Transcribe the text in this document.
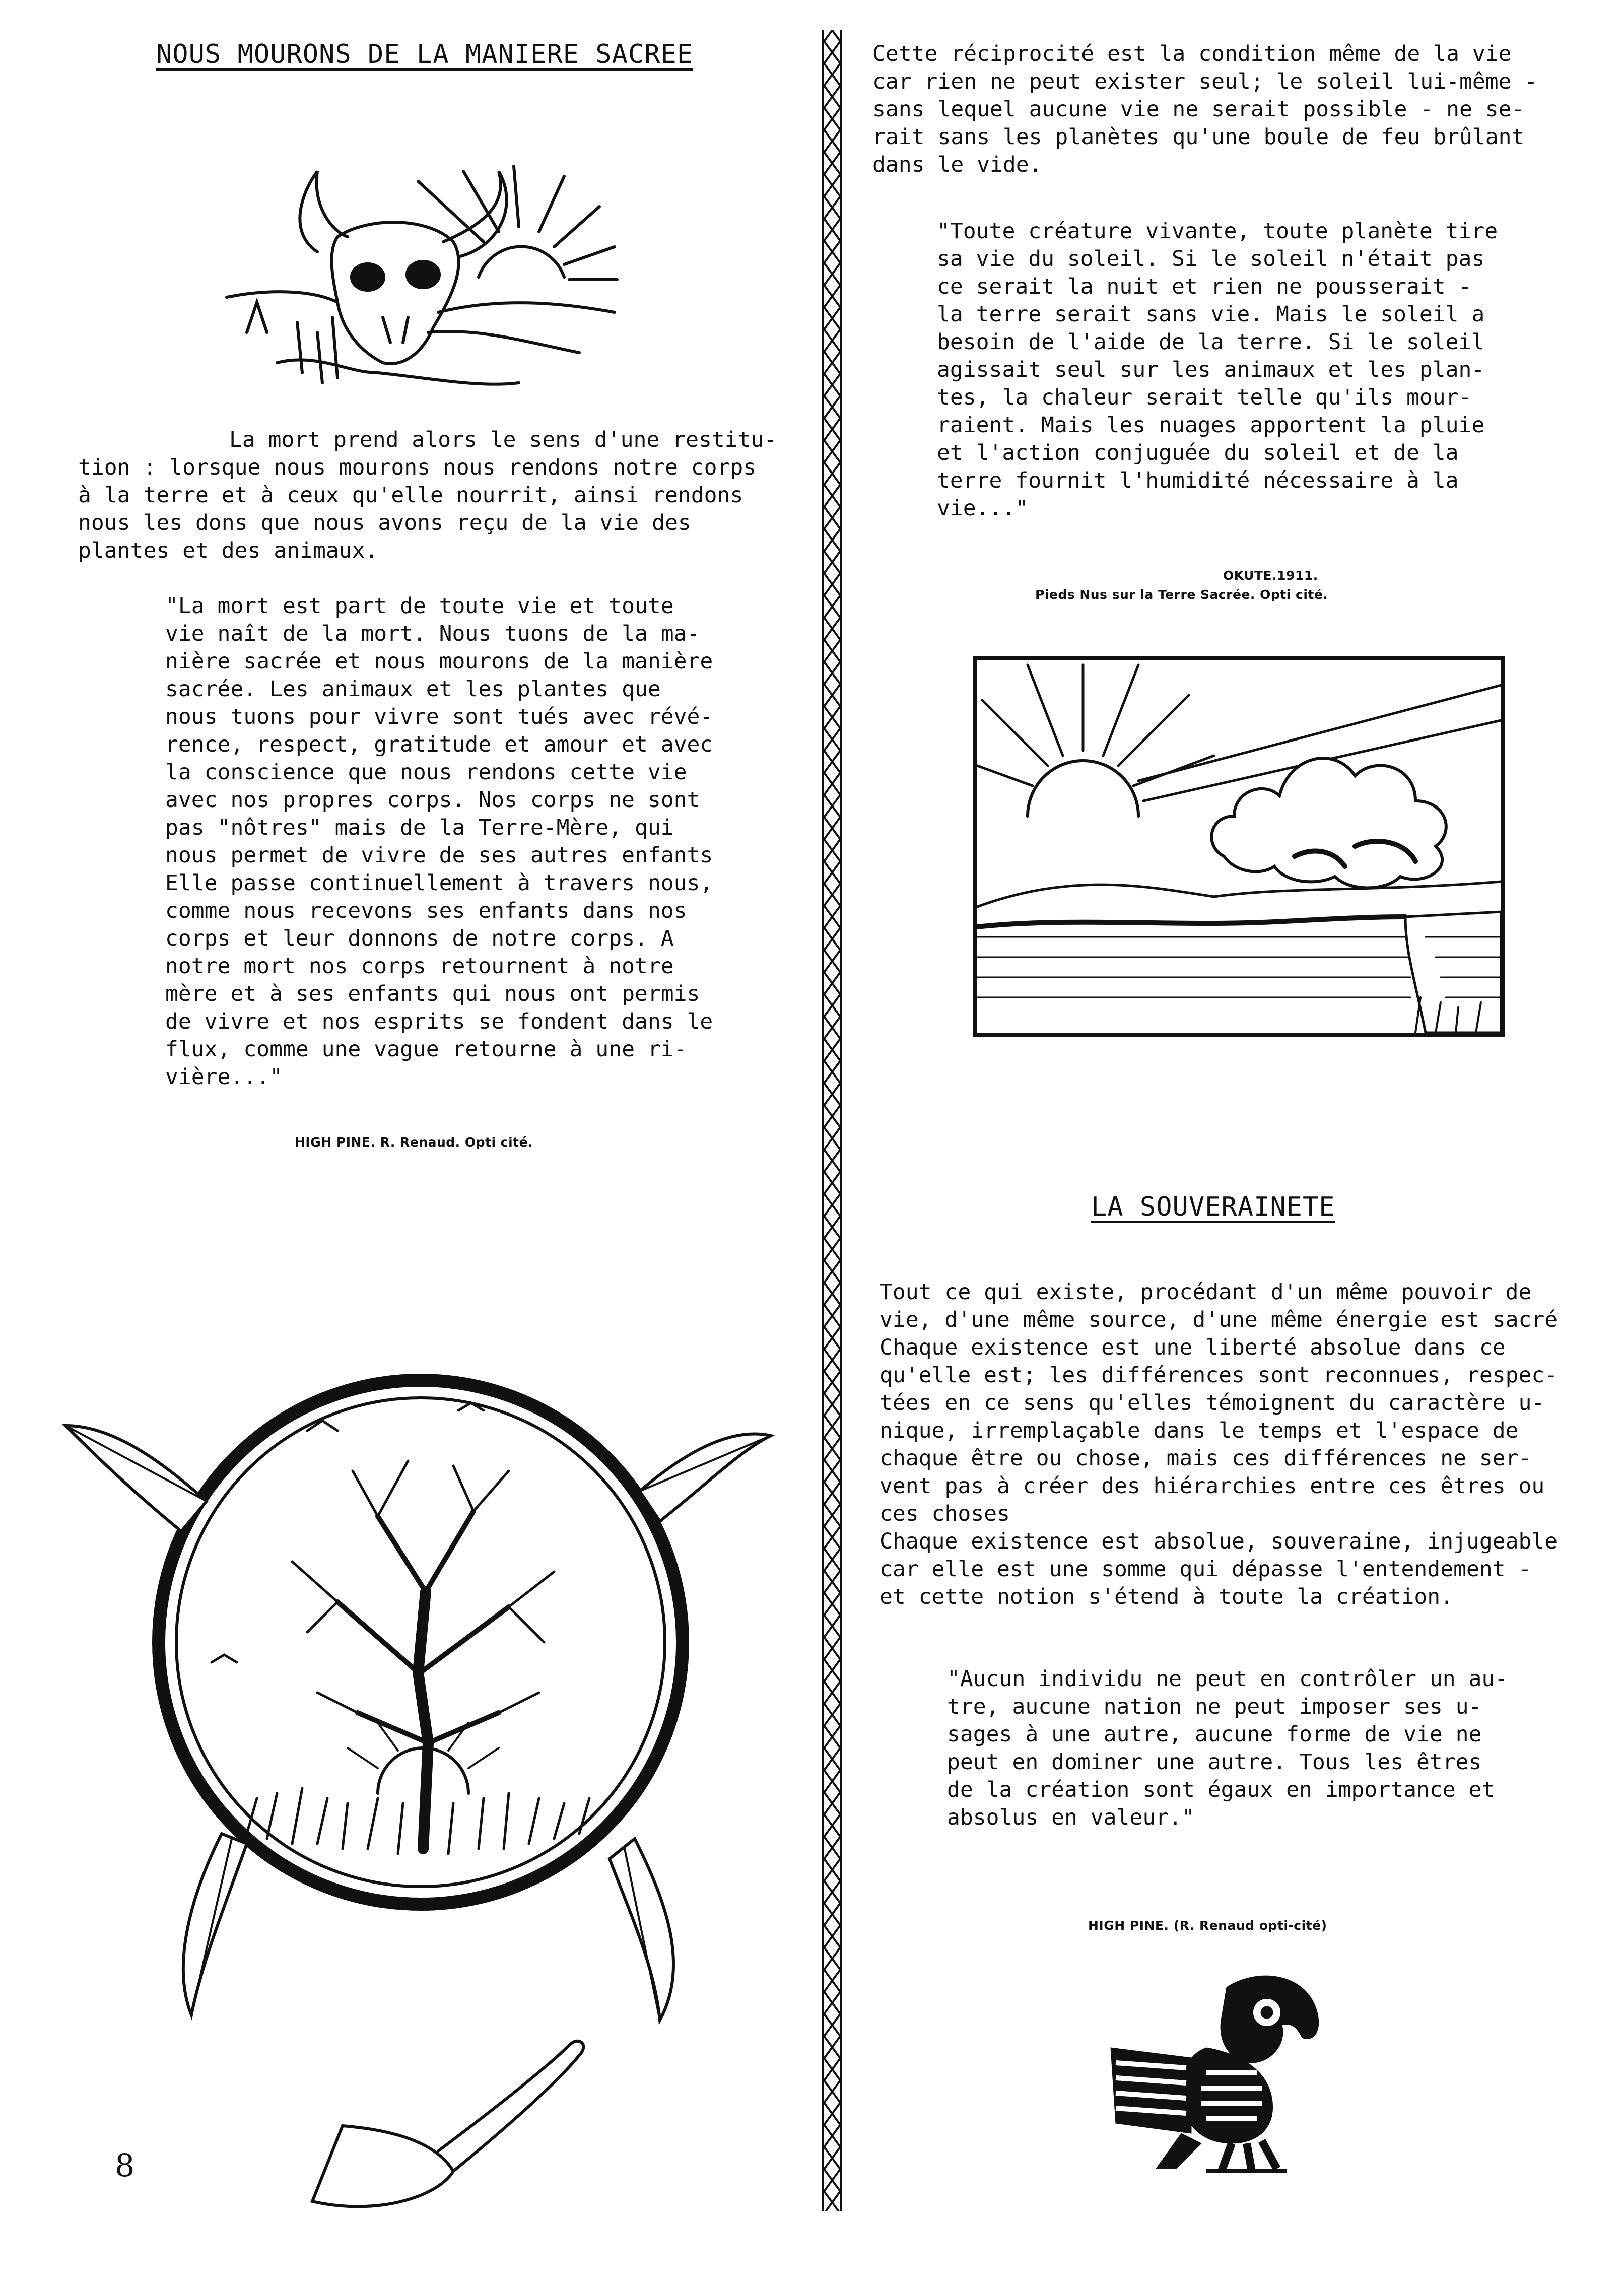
NOUS MOURONS DE LA MANIERE SACREE
La mort prend alors le sens d'une restitu-
tion : lorsque nous mourons nous rendons notre corps
à la terre et à ceux qu'elle nourrit, ainsi rendons
nous les dons que nous avons reçu de la vie des
plantes et des animaux.
"La mort est part de toute vie et toute
vie naît de la mort. Nous tuons de la ma-
nière sacrée et nous mourons de la manière
sacrée. Les animaux et les plantes que
nous tuons pour vivre sont tués avec révé-
rence, respect, gratitude et amour et avec
la conscience que nous rendons cette vie
avec nos propres corps. Nos corps ne sont
pas "nôtres" mais de la Terre-Mère, qui
nous permet de vivre de ses autres enfants
Elle passe continuellement à travers nous,
comme nous recevons ses enfants dans nos
corps et leur donnons de notre corps. A
notre mort nos corps retournent à notre
mère et à ses enfants qui nous ont permis
de vivre et nos esprits se fondent dans le
flux, comme une vague retourne à une ri-
vière..."
HIGH PINE. R. Renaud. Opti cité.
8
Cette réciprocité est la condition même de la vie
car rien ne peut exister seul; le soleil lui-même -
sans lequel aucune vie ne serait possible - ne se-
rait sans les planètes qu'une boule de feu brûlant
dans le vide.
"Toute créature vivante, toute planète tire
sa vie du soleil. Si le soleil n'était pas
ce serait la nuit et rien ne pousserait -
la terre serait sans vie. Mais le soleil a
besoin de l'aide de la terre. Si le soleil
agissait seul sur les animaux et les plan-
tes, la chaleur serait telle qu'ils mour-
raient. Mais les nuages apportent la pluie
et l'action conjuguée du soleil et de la
terre fournit l'humidité nécessaire à la
vie..."
OKUTE.1911.
Pieds Nus sur la Terre Sacrée. Opti cité.
LA SOUVERAINETE
Tout ce qui existe, procédant d'un même pouvoir de
vie, d'une même source, d'une même énergie est sacré
Chaque existence est une liberté absolue dans ce
qu'elle est; les différences sont reconnues, respec-
tées en ce sens qu'elles témoignent du caractère u-
nique, irremplaçable dans le temps et l'espace de
chaque être ou chose, mais ces différences ne ser-
vent pas à créer des hiérarchies entre ces êtres ou
ces choses
Chaque existence est absolue, souveraine, injugeable
car elle est une somme qui dépasse l'entendement -
et cette notion s'étend à toute la création.
"Aucun individu ne peut en contrôler un au-
tre, aucune nation ne peut imposer ses u-
sages à une autre, aucune forme de vie ne
peut en dominer une autre. Tous les êtres
de la création sont égaux en importance et
absolus en valeur."
HIGH PINE. (R. Renaud opti-cité)
